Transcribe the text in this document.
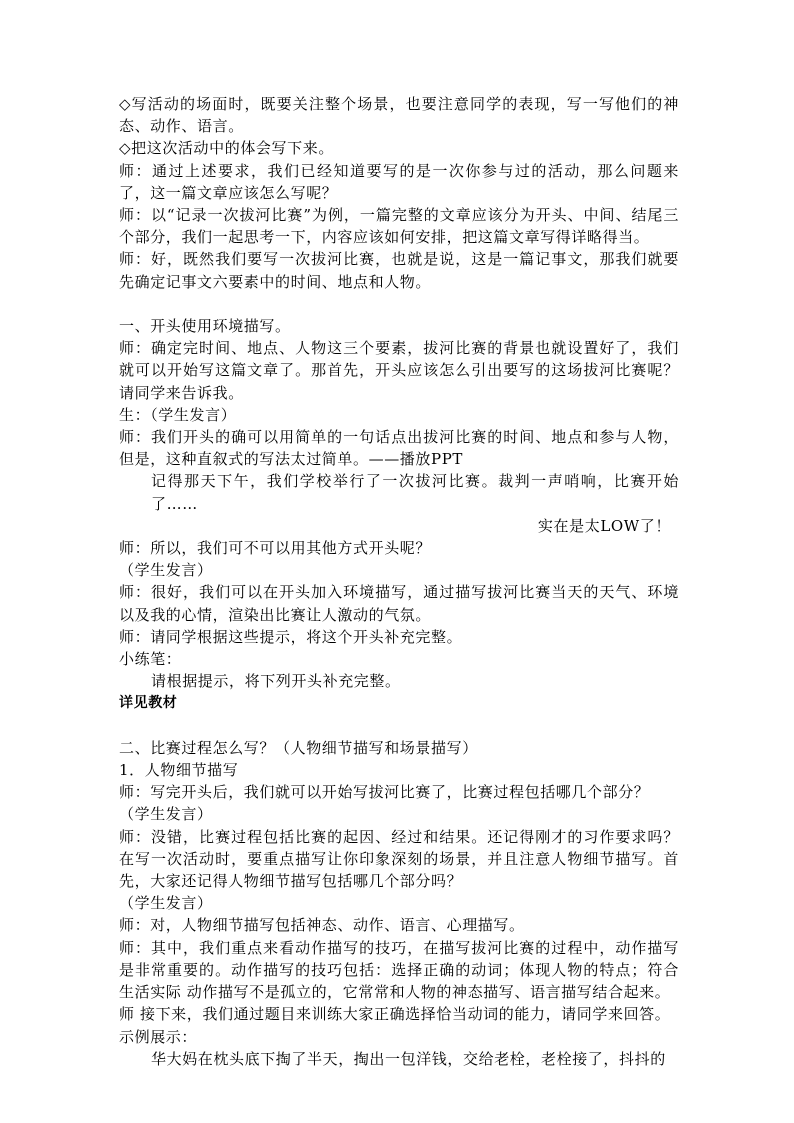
◇写活动的场面时，既要关注整个场景，也要注意同学的表现，写一写他们的神态、动作、语言。

◇把这次活动中的体会写下来。

师：通过上述要求，我们已经知道要写的是一次你参与过的活动，那么问题来了，这一篇文章应该怎么写呢？

师：以“记录一次拔河比赛”为例，一篇完整的文章应该分为开头、中间、结尾三个部分，我们一起思考一下，内容应该如何安排，把这篇文章写得详略得当。

师：好，既然我们要写一次拔河比赛，也就是说，这是一篇记事文，那我们就要先确定记事文六要素中的时间、地点和人物。

一、开头使用环境描写。

师：确定完时间、地点、人物这三个要素，拔河比赛的背景也就设置好了，我们就可以开始写这篇文章了。那首先，开头应该怎么引出要写的这场拔河比赛呢？请同学来告诉我。

生：（学生发言）

师：我们开头的确可以用简单的一句话点出拔河比赛的时间、地点和参与人物，但是，这种直叙式的写法太过简单。——播放PPT

记得那天下午，我们学校举行了一次拔河比赛。裁判一声哨响，比赛开始了……

实在是太LOW了！

师：所以，我们可不可以用其他方式开头呢？

（学生发言）

师：很好，我们可以在开头加入环境描写，通过描写拔河比赛当天的天气、环境以及我的心情，渲染出比赛让人激动的气氛。

师：请同学根据这些提示，将这个开头补充完整。

小练笔：

请根据提示，将下列开头补充完整。

详见教材

二、比赛过程怎么写？（人物细节描写和场景描写）

1．人物细节描写

师：写完开头后，我们就可以开始写拔河比赛了，比赛过程包括哪几个部分？

（学生发言）

师：没错，比赛过程包括比赛的起因、经过和结果。还记得刚才的习作要求吗？在写一次活动时，要重点描写让你印象深刻的场景，并且注意人物细节描写。首先，大家还记得人物细节描写包括哪几个部分吗？

（学生发言）

师：对，人物细节描写包括神态、动作、语言、心理描写。

师：其中，我们重点来看动作描写的技巧，在描写拔河比赛的过程中，动作描写是非常重要的。动作描写的技巧包括：选择正确的动词；体现人物的特点；符合生活实际 动作描写不是孤立的，它常常和人物的神态描写、语言描写结合起来。

师 接下来，我们通过题目来训练大家正确选择恰当动词的能力，请同学来回答。

示例展示：

华大妈在枕头底下掏了半天，掏出一包洋钱，交给老栓，老栓接了，抖抖的
